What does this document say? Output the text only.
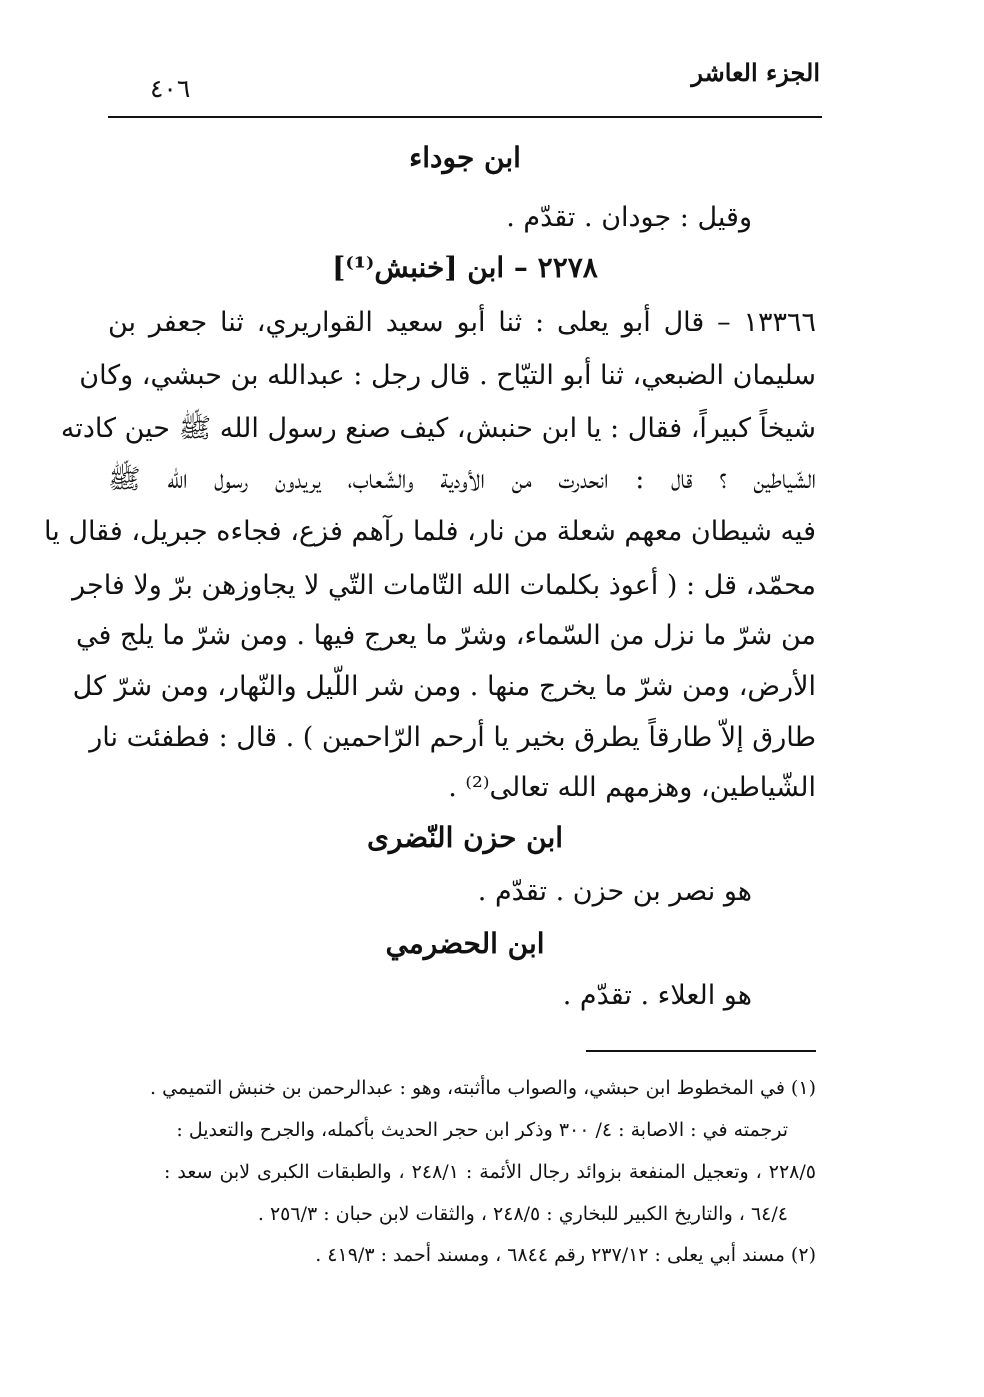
الجزء العاشر
٤٠٦
ابن جوداء
وقيل : جودان . تقدّم .
٢٢٧٨ – ابن [خنبش⁽¹⁾]
١٣٣٦٦ – قال أبو يعلى : ثنا أبو سعيد القواريري، ثنا جعفر بن
سليمان الضبعي، ثنا أبو التيّاح . قال رجل : عبدالله بن حبشي، وكان
شيخاً كبيراً، فقال : يا ابن حنبش، كيف صنع رسول الله ﷺ حين كادته
الشّياطين ؟ قال : انحدرت من الأودية والشّعاب، يريدون رسول الله ﷺ
فيه شيطان معهم شعلة من نار، فلما رآهم فزع، فجاءه جبريل، فقال يا
محمّد، قل : ( أعوذ بكلمات الله التّامات التّي لا يجاوزهن برّ ولا فاجر
من شرّ ما نزل من السّماء، وشرّ ما يعرج فيها . ومن شرّ ما يلج في
الأرض، ومن شرّ ما يخرج منها . ومن شر اللّيل والنّهار، ومن شرّ كل
طارق إلاّ طارقاً يطرق بخير يا أرحم الرّاحمين ) . قال : فطفئت نار
الشّياطين، وهزمهم الله تعالى⁽²⁾ .
ابن حزن النّضرى
هو نصر بن حزن . تقدّم .
ابن الحضرمي
هو العلاء . تقدّم .
(١) في المخطوط ابن حبشي، والصواب ماأثبته، وهو : عبدالرحمن بن خنبش التميمي .
ترجمته في : الاصابة : ٤/ ٣٠٠ وذكر ابن حجر الحديث بأكمله، والجرح والتعديل :
٢٢٨/٥ ، وتعجيل المنفعة بزوائد رجال الأئمة : ٢٤٨/١ ، والطبقات الكبرى لابن سعد :
٦٤/٤ ، والتاريخ الكبير للبخاري : ٢٤٨/٥ ، والثقات لابن حبان : ٢٥٦/٣ .
(٢) مسند أبي يعلى : ٢٣٧/١٢ رقم ٦٨٤٤ ، ومسند أحمد : ٤١٩/٣ .
